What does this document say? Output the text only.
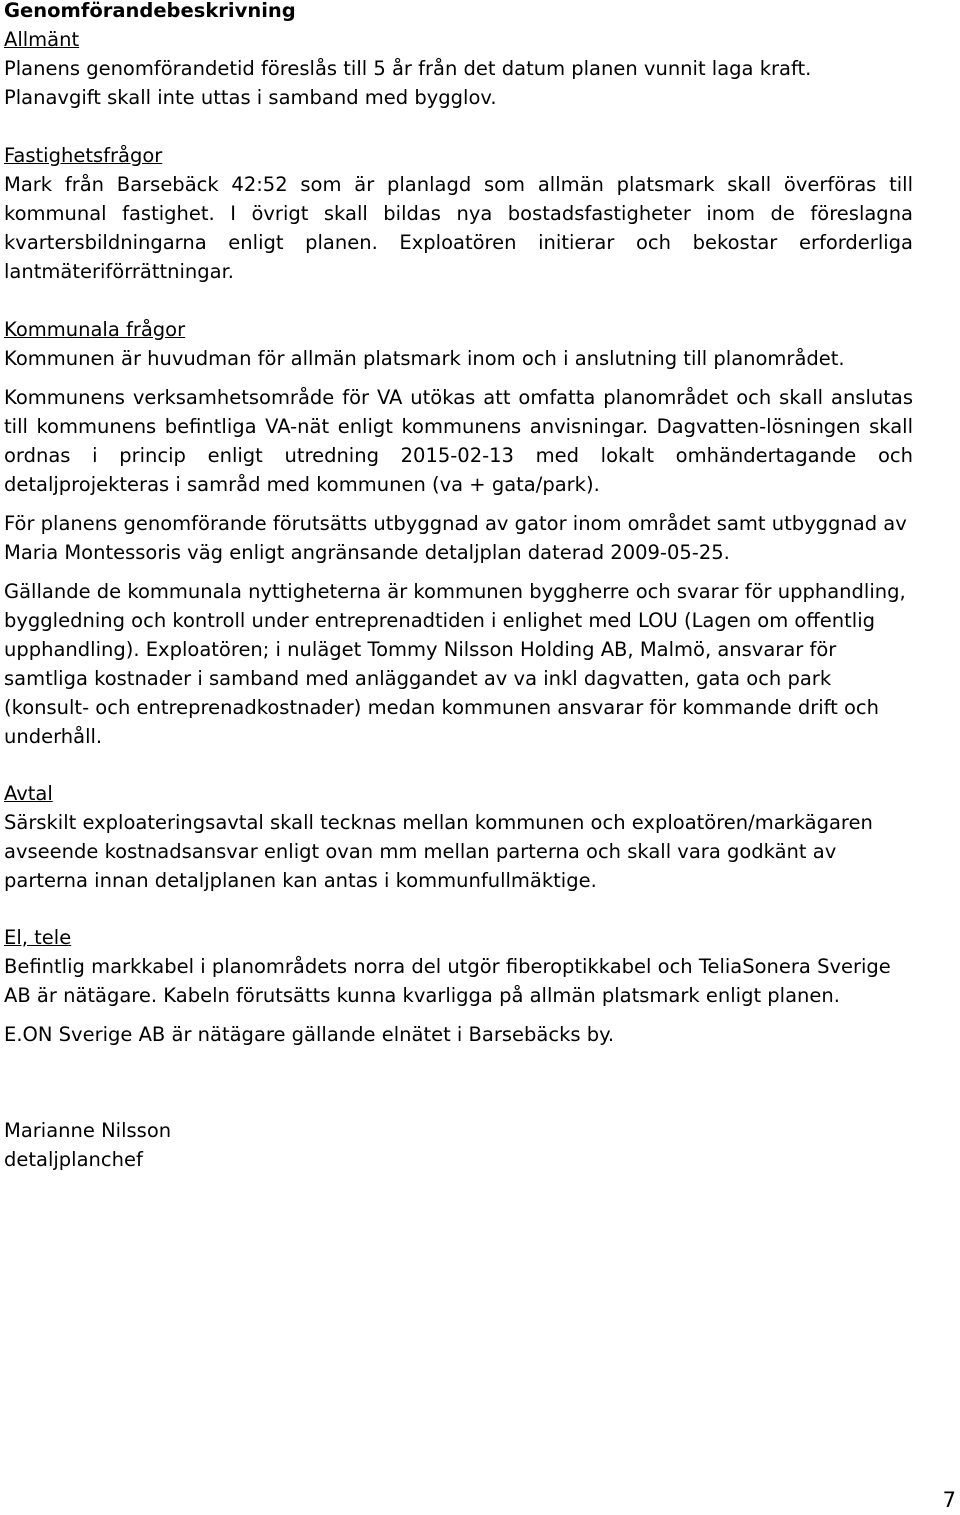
Genomförandebeskrivning

Allmänt

Planens genomförandetid föreslås till 5 år från det datum planen vunnit laga kraft.

Planavgift skall inte uttas i samband med bygglov.

Fastighetsfrågor

Mark från Barsebäck 42:52 som är planlagd som allmän platsmark skall överföras till kommunal fastighet. I övrigt skall bildas nya bostadsfastigheter inom de föreslagna kvartersbildningarna enligt planen. Exploatören initierar och bekostar erforderliga lantmäteriförrättningar.

Kommunala frågor

Kommunen är huvudman för allmän platsmark inom och i anslutning till planområdet.

Kommunens verksamhetsområde för VA utökas att omfatta planområdet och skall anslutas till kommunens befintliga VA-nät enligt kommunens anvisningar. Dagvatten-lösningen skall ordnas i princip enligt utredning 2015-02-13 med lokalt omhändertagande och detaljprojekteras i samråd med kommunen (va + gata/park).

För planens genomförande förutsätts utbyggnad av gator inom området samt utbyggnad av Maria Montessoris väg enligt angränsande detaljplan daterad 2009-05-25.

Gällande de kommunala nyttigheterna är kommunen byggherre och svarar för upphandling, byggledning och kontroll under entreprenadtiden i enlighet med LOU (Lagen om offentlig upphandling). Exploatören; i nuläget Tommy Nilsson Holding AB, Malmö, ansvarar för samtliga kostnader i samband med anläggandet av va inkl dagvatten, gata och park (konsult- och entreprenadkostnader) medan kommunen ansvarar för kommande drift och underhåll.

Avtal

Särskilt exploateringsavtal skall tecknas mellan kommunen och exploatören/markägaren avseende kostnadsansvar enligt ovan mm mellan parterna och skall vara godkänt av parterna innan detaljplanen kan antas i kommunfullmäktige.

El, tele

Befintlig markkabel i planområdets norra del utgör fiberoptikkabel och TeliaSonera Sverige AB är nätägare. Kabeln förutsätts kunna kvarligga på allmän platsmark enligt planen.

E.ON Sverige AB är nätägare gällande elnätet i Barsebäcks by.

Marianne Nilsson

detaljplanchef

7
